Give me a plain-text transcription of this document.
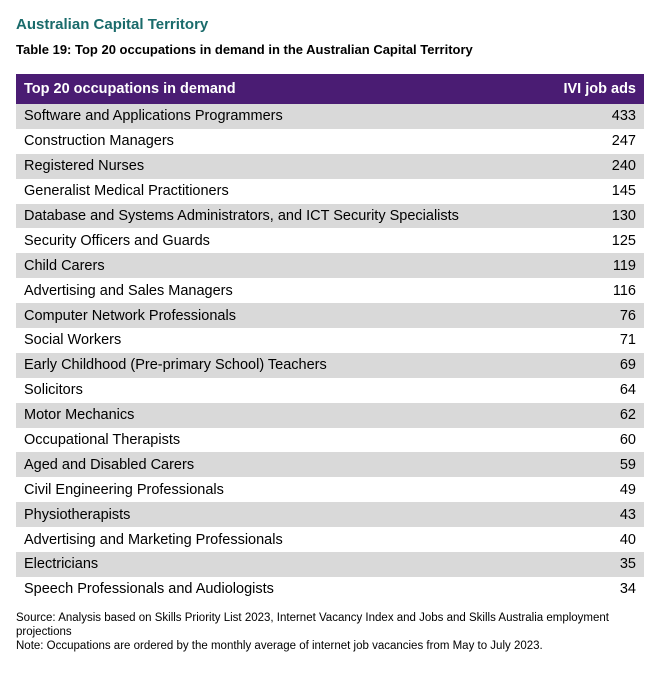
Australian Capital Territory
Table 19: Top 20 occupations in demand in the Australian Capital Territory
Top 20 occupations in demand	IVI job ads
Software and Applications Programmers	433
Construction Managers	247
Registered Nurses	240
Generalist Medical Practitioners	145
Database and Systems Administrators, and ICT Security Specialists	130
Security Officers and Guards	125
Child Carers	119
Advertising and Sales Managers	116
Computer Network Professionals	76
Social Workers	71
Early Childhood (Pre-primary School) Teachers	69
Solicitors	64
Motor Mechanics	62
Occupational Therapists	60
Aged and Disabled Carers	59
Civil Engineering Professionals	49
Physiotherapists	43
Advertising and Marketing Professionals	40
Electricians	35
Speech Professionals and Audiologists	34
Source: Analysis based on Skills Priority List 2023, Internet Vacancy Index and Jobs and Skills Australia employment projections
Note: Occupations are ordered by the monthly average of internet job vacancies from May to July 2023.
